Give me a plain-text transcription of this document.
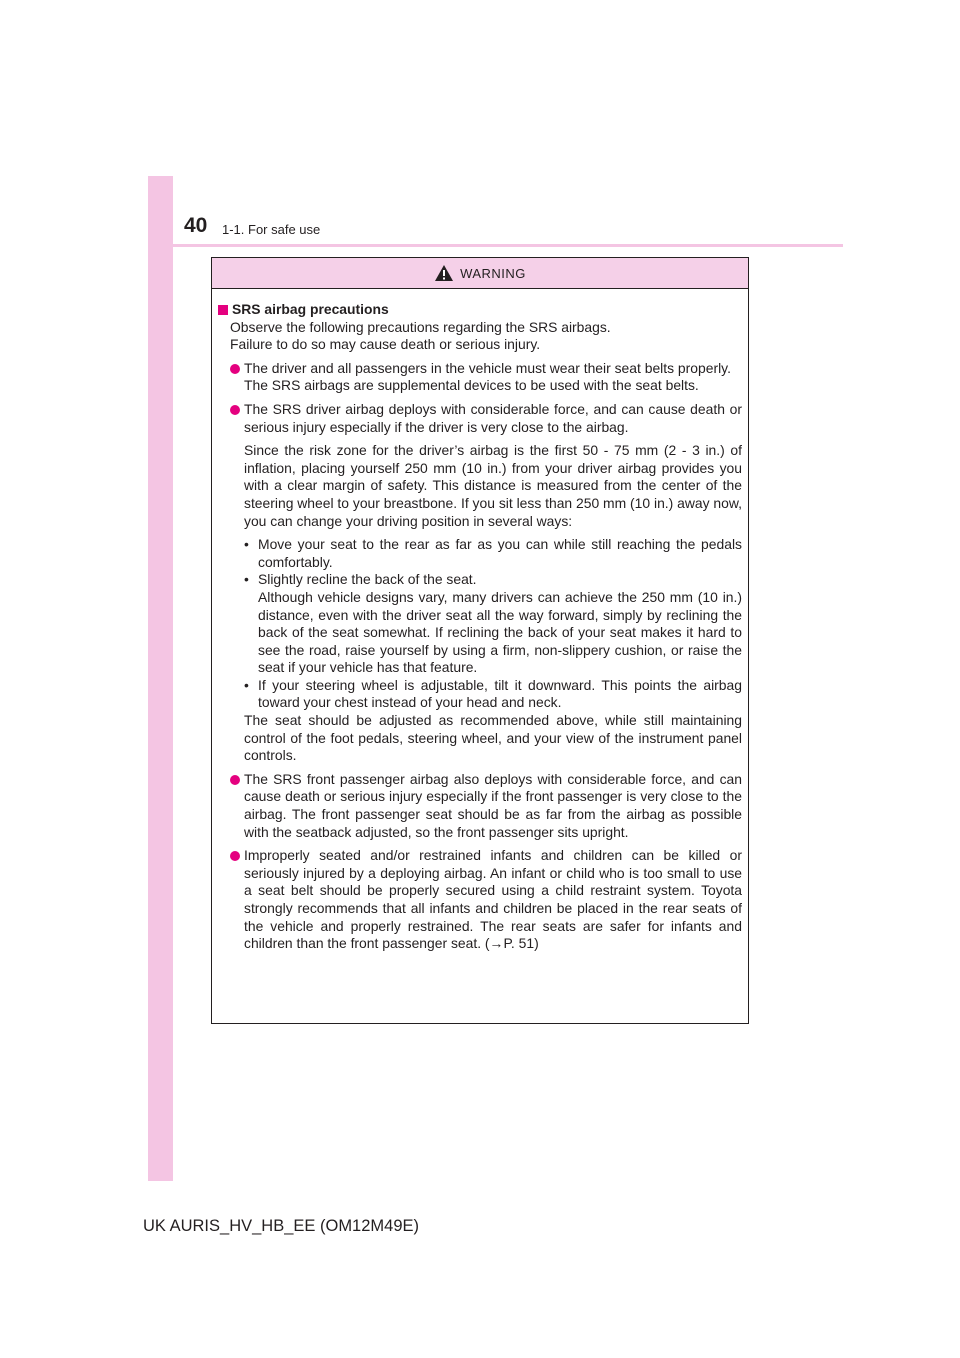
40 1-1. For safe use
WARNING
SRS airbag precautions

Observe the following precautions regarding the SRS airbags.

Failure to do so may cause death or serious injury.

The driver and all passengers in the vehicle must wear their seat belts properly.

The SRS airbags are supplemental devices to be used with the seat belts.

The SRS driver airbag deploys with considerable force, and can cause death or serious injury especially if the driver is very close to the airbag.

Since the risk zone for the driver’s airbag is the first 50 - 75 mm (2 - 3 in.) of inflation, placing yourself 250 mm (10 in.) from your driver airbag provides you with a clear margin of safety. This distance is measured from the center of the steering wheel to your breastbone. If you sit less than 250 mm (10 in.) away now, you can change your driving position in several ways:

• Move your seat to the rear as far as you can while still reaching the pedals comfortably.

• Slightly recline the back of the seat.

Although vehicle designs vary, many drivers can achieve the 250 mm (10 in.) distance, even with the driver seat all the way forward, simply by reclining the back of the seat somewhat. If reclining the back of your seat makes it hard to see the road, raise yourself by using a firm, non-slippery cushion, or raise the seat if your vehicle has that feature.

• If your steering wheel is adjustable, tilt it downward. This points the airbag toward your chest instead of your head and neck.

The seat should be adjusted as recommended above, while still maintaining control of the foot pedals, steering wheel, and your view of the instrument panel controls.

The SRS front passenger airbag also deploys with considerable force, and can cause death or serious injury especially if the front passenger is very close to the airbag. The front passenger seat should be as far from the airbag as possible with the seatback adjusted, so the front passenger sits upright.

Improperly seated and/or restrained infants and children can be killed or seriously injured by a deploying airbag. An infant or child who is too small to use a seat belt should be properly secured using a child restraint system. Toyota strongly recommends that all infants and children be placed in the rear seats of the vehicle and properly restrained. The rear seats are safer for infants and children than the front passenger seat. (→P. 51)

UK AURIS_HV_HB_EE (OM12M49E)
